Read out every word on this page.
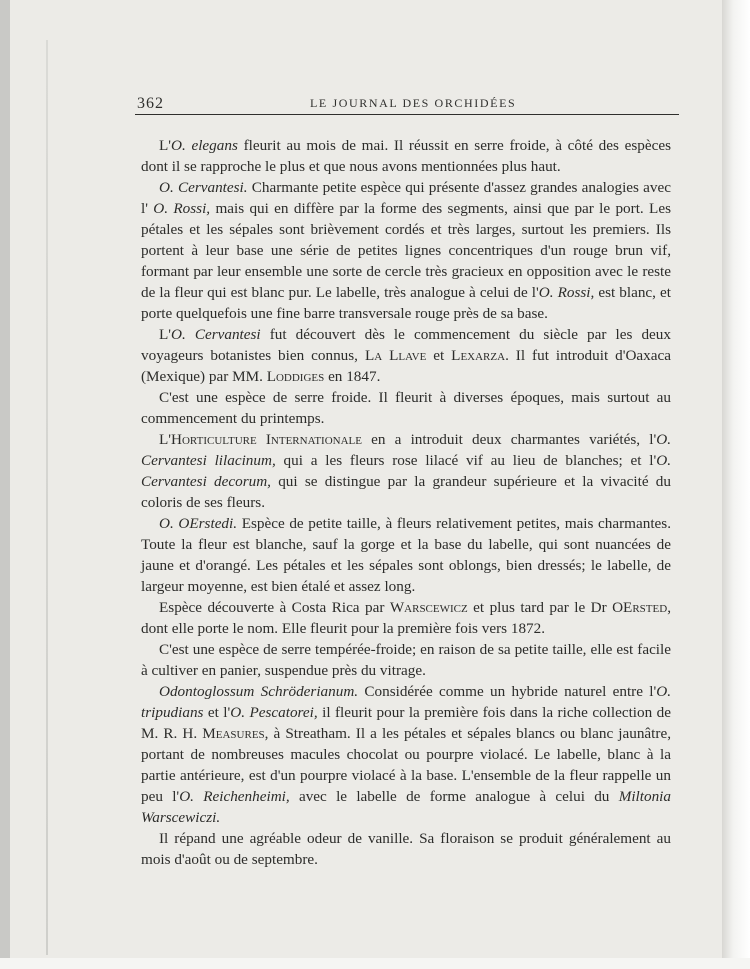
362	LE JOURNAL DES ORCHIDÉES

L'O. elegans fleurit au mois de mai. Il réussit en serre froide, à côté des espèces dont il se rapproche le plus et que nous avons mentionnées plus haut.

O. Cervantesi. Charmante petite espèce qui présente d'assez grandes analogies avec l' O. Rossi, mais qui en diffère par la forme des segments, ainsi que par le port. Les pétales et les sépales sont brièvement cordés et très larges, surtout les premiers. Ils portent à leur base une série de petites lignes concentriques d'un rouge brun vif, formant par leur ensemble une sorte de cercle très gracieux en opposition avec le reste de la fleur qui est blanc pur. Le labelle, très analogue à celui de l'O. Rossi, est blanc, et porte quelquefois une fine barre transversale rouge près de sa base.

L'O. Cervantesi fut découvert dès le commencement du siècle par les deux voyageurs botanistes bien connus, La Llave et Lexarza. Il fut introduit d'Oaxaca (Mexique) par MM. Loddiges en 1847.

C'est une espèce de serre froide. Il fleurit à diverses époques, mais surtout au commencement du printemps.

L'Horticulture Internationale en a introduit deux charmantes variétés, l'O. Cervantesi lilacinum, qui a les fleurs rose lilacé vif au lieu de blanches; et l'O. Cervantesi decorum, qui se distingue par la grandeur supérieure et la vivacité du coloris de ses fleurs.

O. OErstedi. Espèce de petite taille, à fleurs relativement petites, mais charmantes. Toute la fleur est blanche, sauf la gorge et la base du labelle, qui sont nuancées de jaune et d'orangé. Les pétales et les sépales sont oblongs, bien dressés; le labelle, de largeur moyenne, est bien étalé et assez long.

Espèce découverte à Costa Rica par Warscewicz et plus tard par le Dr OErsted, dont elle porte le nom. Elle fleurit pour la première fois vers 1872.

C'est une espèce de serre tempérée-froide; en raison de sa petite taille, elle est facile à cultiver en panier, suspendue près du vitrage.

Odontoglossum Schröderianum. Considérée comme un hybride naturel entre l'O. tripudians et l'O. Pescatorei, il fleurit pour la première fois dans la riche collection de M. R. H. Measures, à Streatham. Il a les pétales et sépales blancs ou blanc jaunâtre, portant de nombreuses macules chocolat ou pourpre violacé. Le labelle, blanc à la partie antérieure, est d'un pourpre violacé à la base. L'ensemble de la fleur rappelle un peu l'O. Reichenheimi, avec le labelle de forme analogue à celui du Miltonia Warscewiczi.

Il répand une agréable odeur de vanille. Sa floraison se produit généralement au mois d'août ou de septembre.
